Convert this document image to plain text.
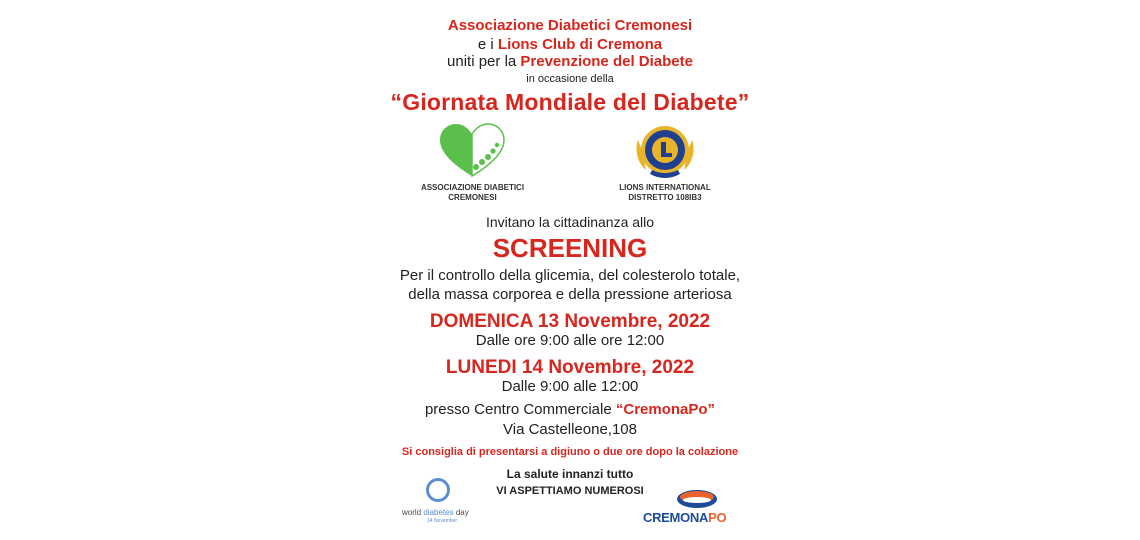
Associazione Diabetici Cremonesi
e i Lions Club di Cremona
uniti per la Prevenzione del Diabete
in occasione della
“Giornata Mondiale del Diabete”
ASSOCIAZIONE DIABETICI
CREMONESI
LIONS INTERNATIONAL
DISTRETTO 108IB3
Invitano la cittadinanza allo
SCREENING
Per il controllo della glicemia, del colesterolo totale,
della massa corporea e della pressione arteriosa
DOMENICA 13 Novembre, 2022
Dalle ore 9:00 alle ore 12:00
LUNEDI 14 Novembre, 2022
Dalle 9:00 alle 12:00
presso Centro Commerciale “CremonaPo”
Via Castelleone,108
Si consiglia di presentarsi a digiuno o due ore dopo la colazione
La salute innanzi tutto
VI ASPETTIAMO NUMEROSI
world diabetes day
14 November	CREMONAPO
